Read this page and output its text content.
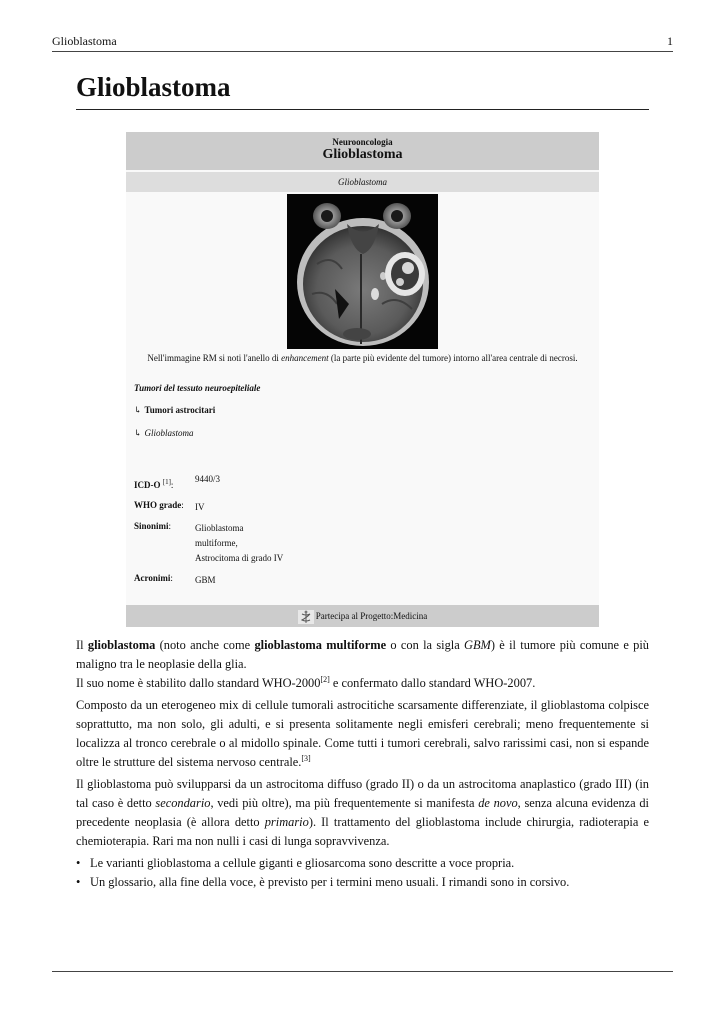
Glioblastoma	1
Glioblastoma
Neurooncologia
Glioblastoma
Glioblastoma
Nell'immagine RM si noti l'anello di enhancement (la parte più evidente del tumore) intorno all'area centrale di necrosi.
Tumori del tessuto neuroepiteliale
↳ Tumori astrocitari
↳ Glioblastoma
ICD-O [1]:
9440/3
WHO grade: IV
Sinonimi:	Glioblastoma
multiforme,
Astrocitoma di grado IV
Acronimi: GBM
Partecipa al Progetto:Medicina

Il glioblastoma (noto anche come glioblastoma multiforme o con la sigla GBM) è il tumore più comune e più maligno tra le neoplasie della glia.
Il suo nome è stabilito dallo standard WHO-2000[2] e confermato dallo standard WHO-2007.

Composto da un eterogeneo mix di cellule tumorali astrocitiche scarsamente differenziate, il glioblastoma colpisce soprattutto, ma non solo, gli adulti, e si presenta solitamente negli emisferi cerebrali; meno frequentemente si localizza al tronco cerebrale o al midollo spinale. Come tutti i tumori cerebrali, salvo rarissimi casi, non si espande oltre le strutture del sistema nervoso centrale.[3]

Il glioblastoma può svilupparsi da un astrocitoma diffuso (grado II) o da un astrocitoma anaplastico (grado III) (in tal caso è detto secondario, vedi più oltre), ma più frequentemente si manifesta de novo, senza alcuna evidenza di precedente neoplasia (è allora detto primario). Il trattamento del glioblastoma include chirurgia, radioterapia e chemioterapia. Rari ma non nulli i casi di lunga sopravvivenza.

• Le varianti glioblastoma a cellule giganti e gliosarcoma sono descritte a voce propria.
• Un glossario, alla fine della voce, è previsto per i termini meno usuali. I rimandi sono in corsivo.
